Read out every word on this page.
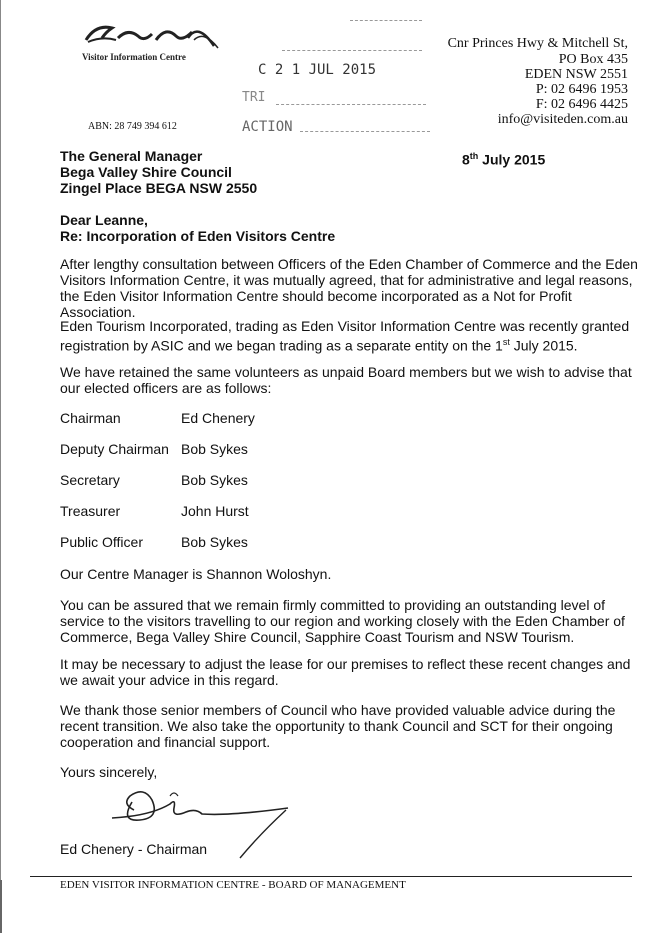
Visitor Information Centre
Cnr Princes Hwy & Mitchell St,
PO Box 435
EDEN NSW 2551
P: 02 6496 1953
F: 02 6496 4425
info@visiteden.com.au
C 2 1 JUL 2015
TRI
ACTION
ABN: 28 749 394 612
The General Manager
Bega Valley Shire Council
Zingel Place BEGA NSW 2550
8th July 2015
Dear Leanne,
Re: Incorporation of Eden Visitors Centre

After lengthy consultation between Officers of the Eden Chamber of Commerce and the Eden Visitors Information Centre, it was mutually agreed, that for administrative and legal reasons, the Eden Visitor Information Centre should become incorporated as a Not for Profit Association.

Eden Tourism Incorporated, trading as Eden Visitor Information Centre was recently granted registration by ASIC and we began trading as a separate entity on the 1st July 2015.

We have retained the same volunteers as unpaid Board members but we wish to advise that our elected officers are as follows:

Chairman	Ed Chenery
Deputy Chairman Bob Sykes
Secretary	Bob Sykes
Treasurer	John Hurst
Public Officer	Bob Sykes

Our Centre Manager is Shannon Woloshyn.

You can be assured that we remain firmly committed to providing an outstanding level of service to the visitors travelling to our region and working closely with the Eden Chamber of Commerce, Bega Valley Shire Council, Sapphire Coast Tourism and NSW Tourism.

It may be necessary to adjust the lease for our premises to reflect these recent changes and we await your advice in this regard.

We thank those senior members of Council who have provided valuable advice during the recent transition. We also take the opportunity to thank Council and SCT for their ongoing cooperation and financial support.

Yours sincerely,
Ed Chenery - Chairman
EDEN VISITOR INFORMATION CENTRE - BOARD OF MANAGEMENT
